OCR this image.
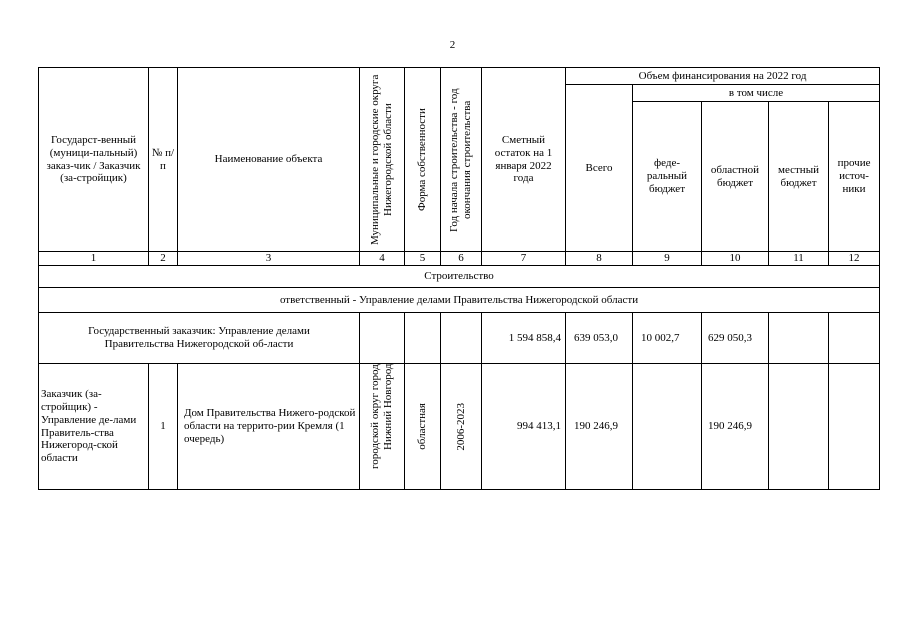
2
Государст-венный (муници-пальный) заказ-чик / Заказчик (за-стройщик)	№ п/п	Наименование объекта	Муниципальные и городские округа Нижегородской области	Форма собственности	Год начала строительства - год окончания строительства	Сметный остаток на 1 января 2022 года	Объем финансирования на 2022 год				
							Всего	в том числе			
								феде-ральный бюджет	областной бюджет	местный бюджет	прочие источ-ники
1	2	3	4	5	6	7	8	9	10	11	12
Строительство											
ответственный - Управление делами Правительства Нижегородской области											
Государственный заказчик: Управление делами Правительства Нижегородской об-ласти						1 594 858,4	639 053,0	10 002,7	629 050,3		
Заказчик (за-стройщик) - Управление де-лами Правитель-ства Нижегород-ской области	1	Дом Правительства Нижего-родской области на террито-рии Кремля (1 очередь)	городской округ город Нижний Новгород	областная	2006-2023	994 413,1	190 246,9		190 246,9		
